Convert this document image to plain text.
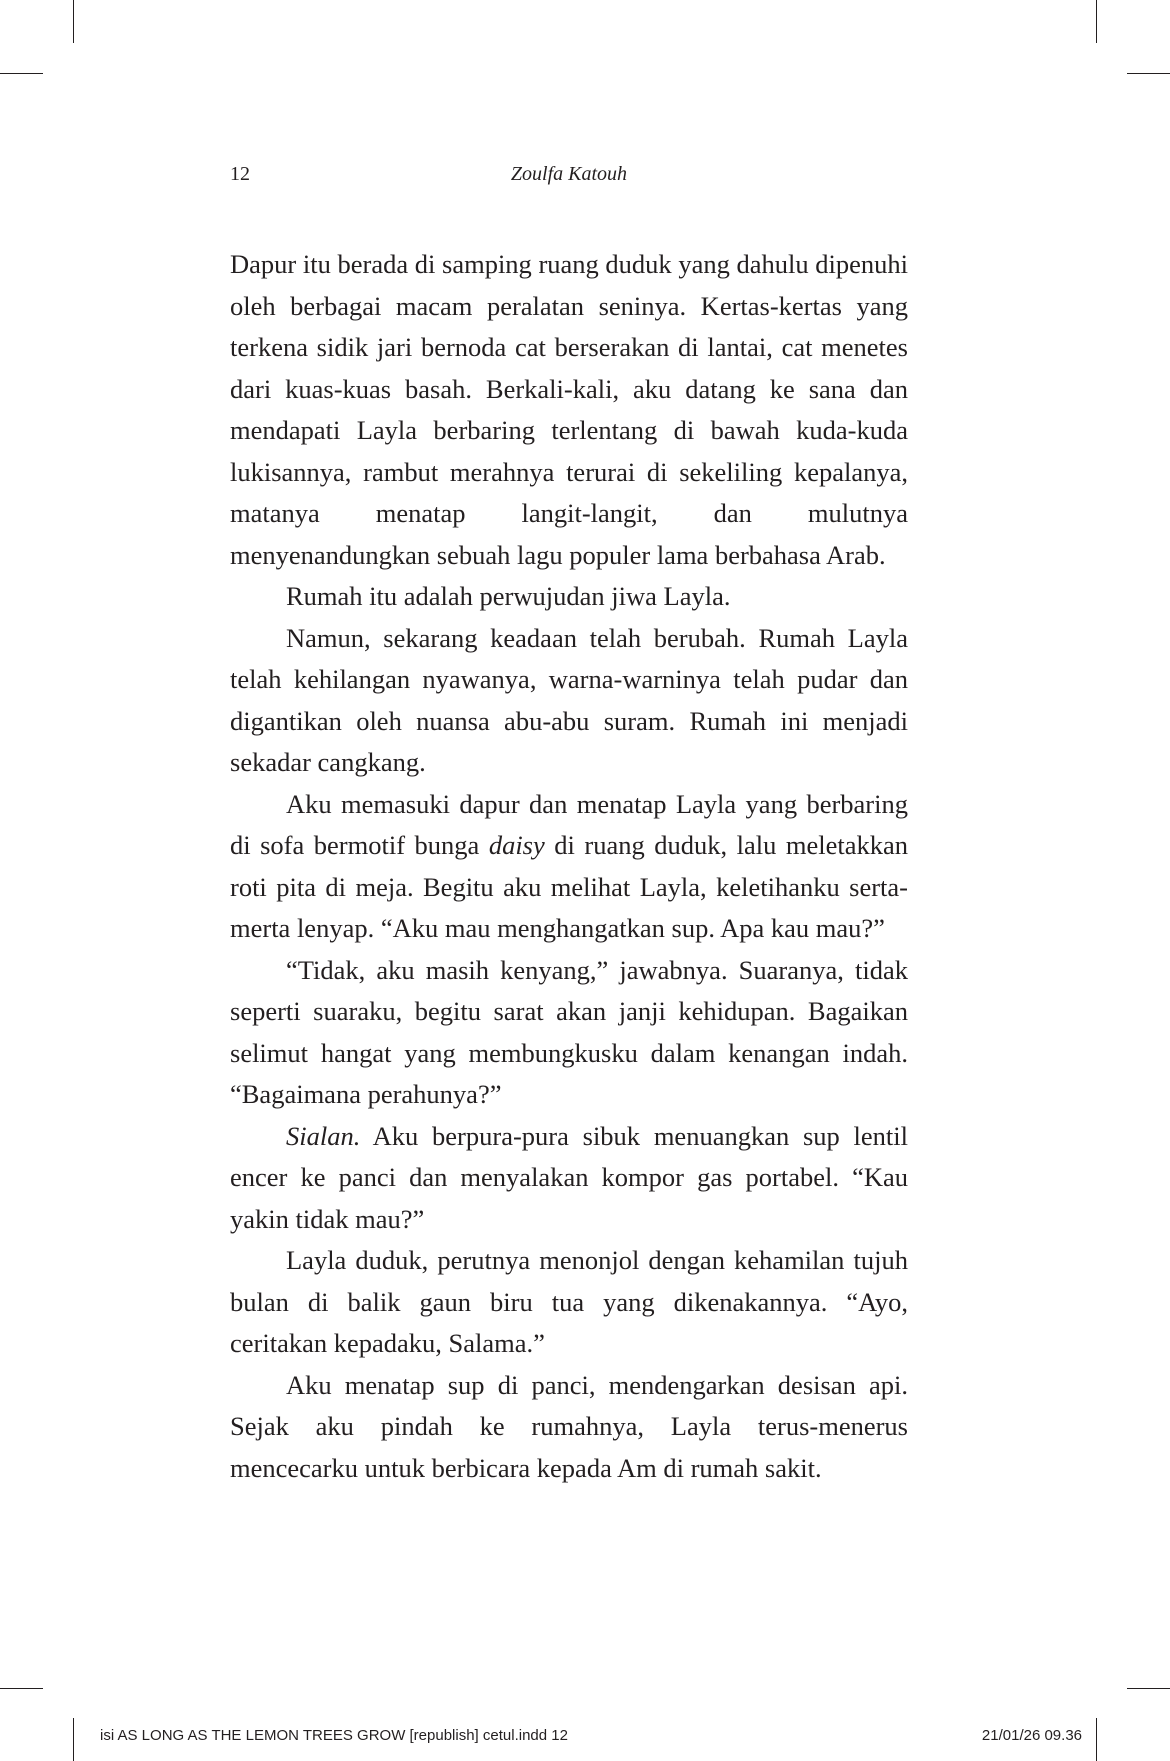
12	Zoulfa Katouh

Dapur itu berada di samping ruang duduk yang dahulu dipenuhi oleh berbagai macam peralatan seninya. Kertas-kertas yang terkena sidik jari bernoda cat berserakan di lantai, cat menetes dari kuas-kuas basah. Berkali-kali, aku datang ke sana dan mendapati Layla berbaring terlentang di bawah kuda-kuda lukisannya, rambut merahnya terurai di sekeliling kepalanya, matanya menatap langit-langit, dan mulutnya menyenandungkan sebuah lagu populer lama berbahasa Arab.

Rumah itu adalah perwujudan jiwa Layla.

Namun, sekarang keadaan telah berubah. Rumah Layla telah kehilangan nyawanya, warna-warninya telah pudar dan digantikan oleh nuansa abu-abu suram. Rumah ini menjadi sekadar cangkang.

Aku memasuki dapur dan menatap Layla yang berbaring di sofa bermotif bunga daisy di ruang duduk, lalu meletakkan roti pita di meja. Begitu aku melihat Layla, keletihanku serta-merta lenyap. “Aku mau menghangatkan sup. Apa kau mau?”

“Tidak, aku masih kenyang,” jawabnya. Suaranya, tidak seperti suaraku, begitu sarat akan janji kehidupan. Bagaikan selimut hangat yang membungkusku dalam kenangan indah. “Bagaimana perahunya?”

Sialan. Aku berpura-pura sibuk menuangkan sup lentil encer ke panci dan menyalakan kompor gas portabel. “Kau yakin tidak mau?”

Layla duduk, perutnya menonjol dengan kehamilan tujuh bulan di balik gaun biru tua yang dikenakannya. “Ayo, ceritakan kepadaku, Salama.”

Aku menatap sup di panci, mendengarkan desisan api. Sejak aku pindah ke rumahnya, Layla terus-menerus mencecarku untuk berbicara kepada Am di rumah sakit.

isi AS LONG AS THE LEMON TREES GROW [republish] cetul.indd 12	21/01/26 09.36
